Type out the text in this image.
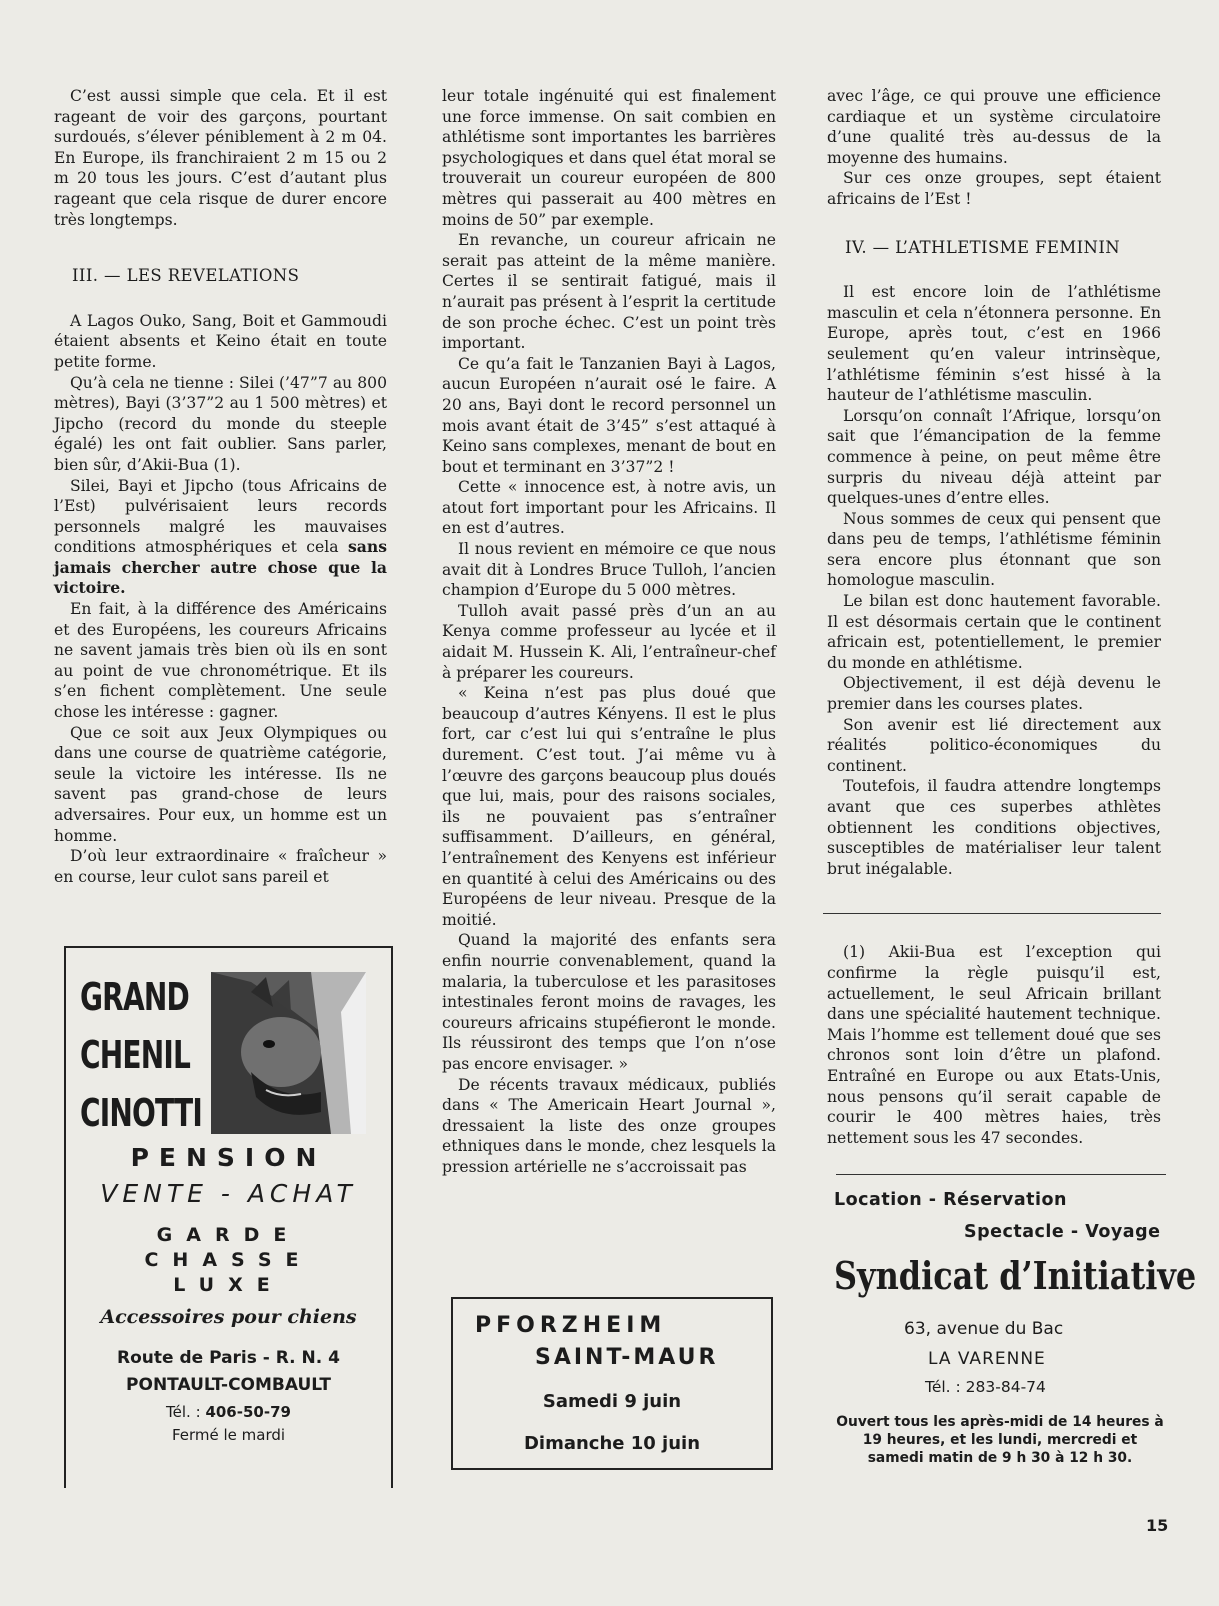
C’est aussi simple que cela. Et il est rageant de voir des garçons, pourtant surdoués, s’élever péniblement à 2 m 04. En Europe, ils franchiraient 2 m 15 ou 2 m 20 tous les jours. C’est d’autant plus rageant que cela risque de durer encore très longtemps.

III. — LES REVELATIONS

A Lagos Ouko, Sang, Boit et Gammoudi étaient absents et Keino était en toute petite forme.

Qu’à cela ne tienne : Silei (’47”7 au 800 mètres), Bayi (3’37”2 au 1 500 mètres) et Jipcho (record du monde du steeple égalé) les ont fait oublier. Sans parler, bien sûr, d’Akii-Bua (1).

Silei, Bayi et Jipcho (tous Africains de l’Est) pulvérisaient leurs records personnels malgré les mauvaises conditions atmosphériques et cela sans jamais chercher autre chose que la victoire.

En fait, à la différence des Américains et des Européens, les coureurs Africains ne savent jamais très bien où ils en sont au point de vue chronométrique. Et ils s’en fichent complètement. Une seule chose les intéresse : gagner.

Que ce soit aux Jeux Olympiques ou dans une course de quatrième catégorie, seule la victoire les intéresse. Ils ne savent pas grand-chose de leurs adversaires. Pour eux, un homme est un homme.

D’où leur extraordinaire « fraîcheur » en course, leur culot sans pareil et

leur totale ingénuité qui est finalement une force immense. On sait combien en athlétisme sont importantes les barrières psychologiques et dans quel état moral se trouverait un coureur européen de 800 mètres qui passerait au 400 mètres en moins de 50” par exemple.

En revanche, un coureur africain ne serait pas atteint de la même manière. Certes il se sentirait fatigué, mais il n’aurait pas présent à l’esprit la certitude de son proche échec. C’est un point très important.

Ce qu’a fait le Tanzanien Bayi à Lagos, aucun Européen n’aurait osé le faire. A 20 ans, Bayi dont le record personnel un mois avant était de 3’45” s’est attaqué à Keino sans complexes, menant de bout en bout et terminant en 3’37”2 !

Cette « innocence est, à notre avis, un atout fort important pour les Africains. Il en est d’autres.

Il nous revient en mémoire ce que nous avait dit à Londres Bruce Tulloh, l’ancien champion d’Europe du 5 000 mètres.

Tulloh avait passé près d’un an au Kenya comme professeur au lycée et il aidait M. Hussein K. Ali, l’entraîneur-chef à préparer les coureurs.

« Keina n’est pas plus doué que beaucoup d’autres Kényens. Il est le plus fort, car c’est lui qui s’entraîne le plus durement. C’est tout. J’ai même vu à l’œuvre des garçons beaucoup plus doués que lui, mais, pour des raisons sociales, ils ne pouvaient pas s’entraîner suffisamment. D’ailleurs, en général, l’entraînement des Kenyens est inférieur en quantité à celui des Américains ou des Européens de leur niveau. Presque de la moitié.

Quand la majorité des enfants sera enfin nourrie convenablement, quand la malaria, la tuberculose et les parasitoses intestinales feront moins de ravages, les coureurs africains stupéfieront le monde. Ils réussiront des temps que l’on n’ose pas encore envisager. »

De récents travaux médicaux, publiés dans « The Americain Heart Journal », dressaient la liste des onze groupes ethniques dans le monde, chez lesquels la pression artérielle ne s’accroissait pas

avec l’âge, ce qui prouve une efficience cardiaque et un système circulatoire d’une qualité très au-dessus de la moyenne des humains.

Sur ces onze groupes, sept étaient africains de l’Est !

IV. — L’ATHLETISME FEMININ

Il est encore loin de l’athlétisme masculin et cela n’étonnera personne. En Europe, après tout, c’est en 1966 seulement qu’en valeur intrinsèque, l’athlétisme féminin s’est hissé à la hauteur de l’athlétisme masculin.

Lorsqu’on connaît l’Afrique, lorsqu’on sait que l’émancipation de la femme commence à peine, on peut même être surpris du niveau déjà atteint par quelques-unes d’entre elles.

Nous sommes de ceux qui pensent que dans peu de temps, l’athlétisme féminin sera encore plus étonnant que son homologue masculin.

Le bilan est donc hautement favorable. Il est désormais certain que le continent africain est, potentiellement, le premier du monde en athlétisme.

Objectivement, il est déjà devenu le premier dans les courses plates.

Son avenir est lié directement aux réalités politico-économiques du continent.

Toutefois, il faudra attendre longtemps avant que ces superbes athlètes obtiennent les conditions objectives, susceptibles de matérialiser leur talent brut inégalable.

(1) Akii-Bua est l’exception qui confirme la règle puisqu’il est, actuellement, le seul Africain brillant dans une spécialité hautement technique. Mais l’homme est tellement doué que ses chronos sont loin d’être un plafond. Entraîné en Europe ou aux Etats-Unis, nous pensons qu’il serait capable de courir le 400 mètres haies, très nettement sous les 47 secondes.

GRAND
CHENIL
CINOTTI
PENSION
VENTE - ACHAT
GARDE
CHASSE
LUXE
Accessoires pour chiens
Route de Paris - R. N. 4
PONTAULT-COMBAULT
Tél. : 406-50-79
Fermé le mardi
PFORZHEIM
SAINT-MAUR
Samedi 9 juin
Dimanche 10 juin
Location - Réservation
Spectacle - Voyage
Syndicat d’Initiative
63, avenue du Bac
LA VARENNE
Tél. : 283-84-74
Ouvert tous les après-midi de 14 heures à 19 heures, et les lundi, mercredi et samedi matin de 9 h 30 à 12 h 30.
15
